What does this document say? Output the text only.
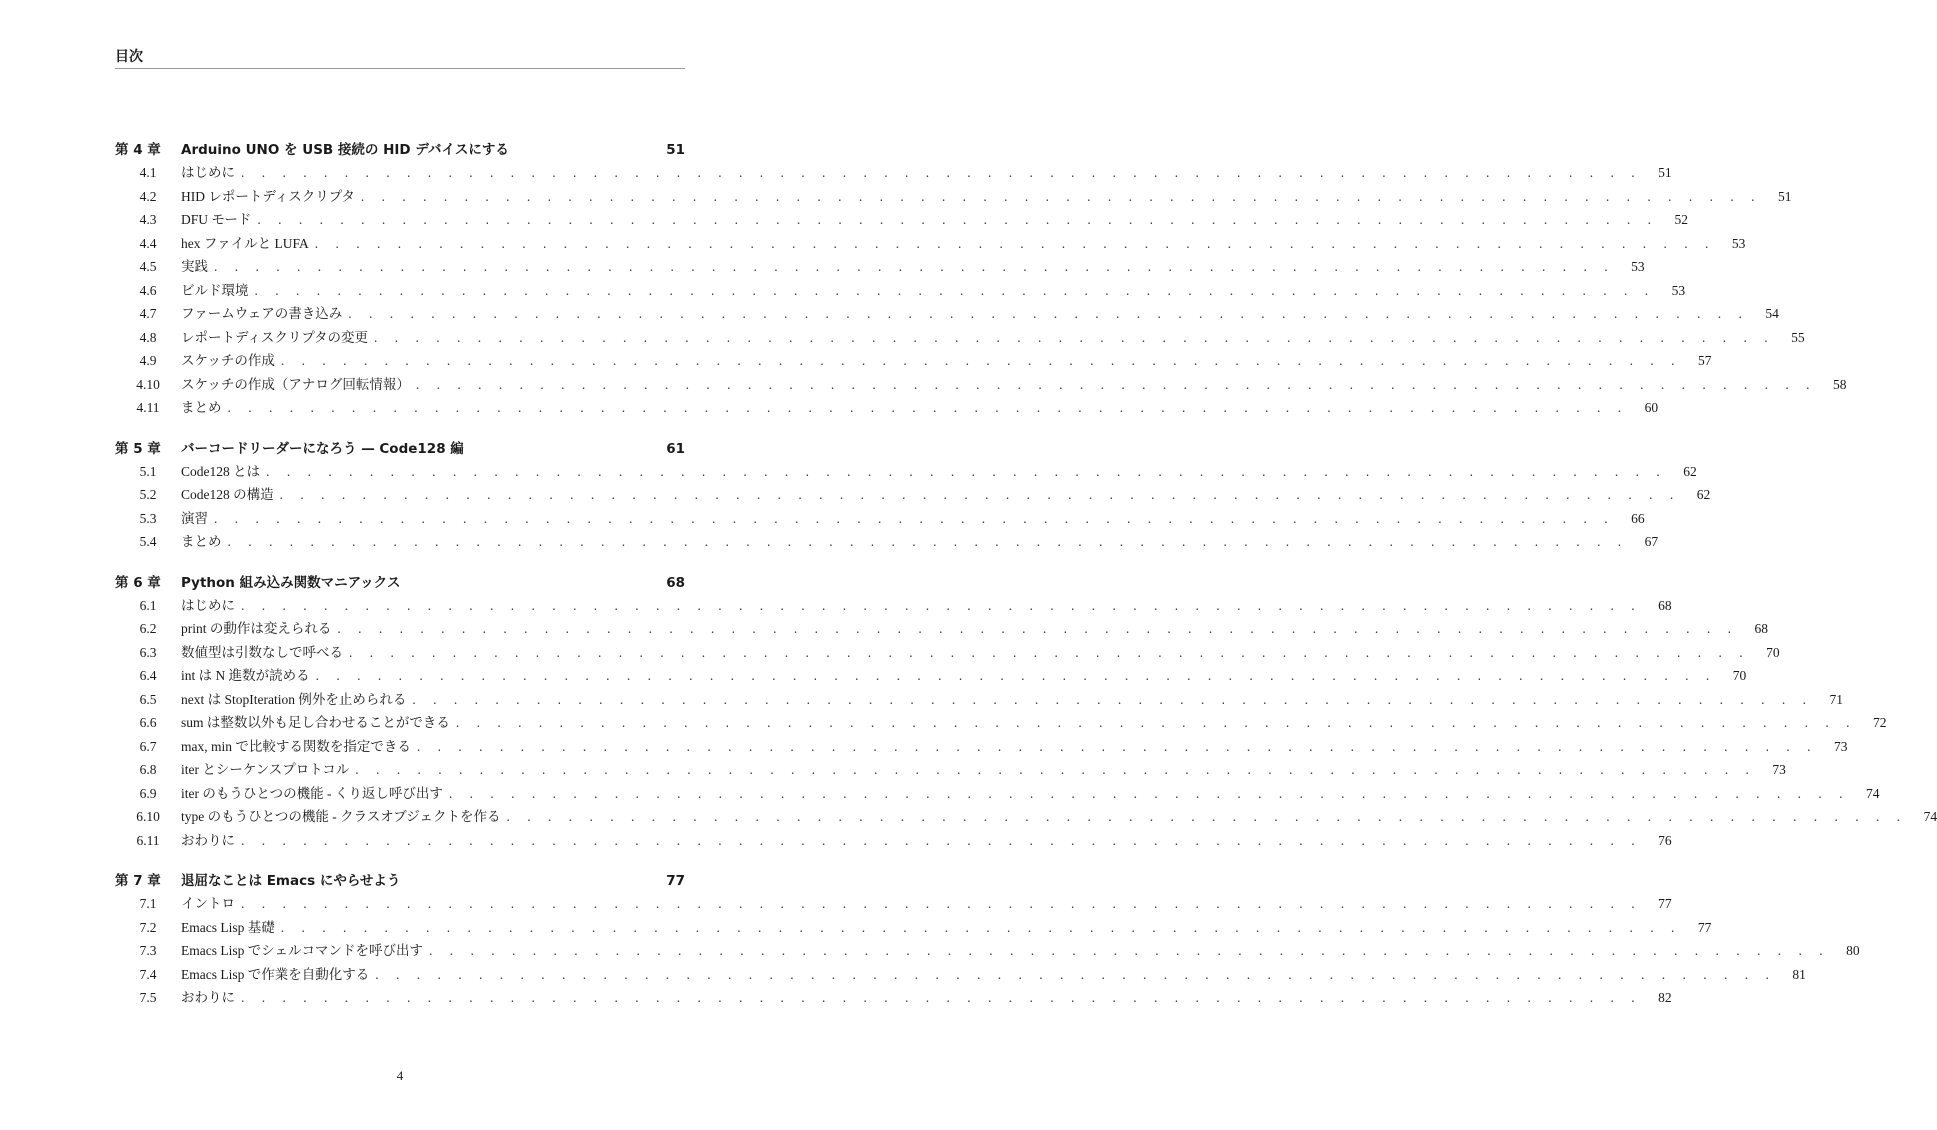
目次
第 4 章	Arduino UNO を USB 接続の HID デバイスにする	51
4.1	はじめに . . . . . . . . . . . . . . . . . . . . . . . . . . . . . . . . . . . . . . . . . . . . . . . . . . . . . . . . . . . . . . . . . . . .	51
4.2	HID レポートディスクリプタ . . . . . . . . . . . . . . . . . . . . . . . . . . . . . . . . . . . . . . . . . . . . . . . . . . . . . . . . . . . . . . . . . . . .	51
4.3	DFU モード . . . . . . . . . . . . . . . . . . . . . . . . . . . . . . . . . . . . . . . . . . . . . . . . . . . . . . . . . . . . . . . . . . . .	52
4.4	hex ファイルと LUFA . . . . . . . . . . . . . . . . . . . . . . . . . . . . . . . . . . . . . . . . . . . . . . . . . . . . . . . . . . . . . . . . . . . .	53
4.5	実践 . . . . . . . . . . . . . . . . . . . . . . . . . . . . . . . . . . . . . . . . . . . . . . . . . . . . . . . . . . . . . . . . . . . .	53
4.6	ビルド環境 . . . . . . . . . . . . . . . . . . . . . . . . . . . . . . . . . . . . . . . . . . . . . . . . . . . . . . . . . . . . . . . . . . . .	53
4.7	ファームウェアの書き込み . . . . . . . . . . . . . . . . . . . . . . . . . . . . . . . . . . . . . . . . . . . . . . . . . . . . . . . . . . . . . . . . . . . .	54
4.8	レポートディスクリプタの変更 . . . . . . . . . . . . . . . . . . . . . . . . . . . . . . . . . . . . . . . . . . . . . . . . . . . . . . . . . . . . . . . . . . . .	55
4.9	スケッチの作成 . . . . . . . . . . . . . . . . . . . . . . . . . . . . . . . . . . . . . . . . . . . . . . . . . . . . . . . . . . . . . . . . . . . .	57
4.10	スケッチの作成（アナログ回転情報） . . . . . . . . . . . . . . . . . . . . . . . . . . . . . . . . . . . . . . . . . . . . . . . . . . . . . . . . . . . . . . . . . . . .	58
4.11	まとめ . . . . . . . . . . . . . . . . . . . . . . . . . . . . . . . . . . . . . . . . . . . . . . . . . . . . . . . . . . . . . . . . . . . .	60
第 5 章	バーコードリーダーになろう — Code128 編	61
5.1	Code128 とは . . . . . . . . . . . . . . . . . . . . . . . . . . . . . . . . . . . . . . . . . . . . . . . . . . . . . . . . . . . . . . . . . . . .	62
5.2	Code128 の構造 . . . . . . . . . . . . . . . . . . . . . . . . . . . . . . . . . . . . . . . . . . . . . . . . . . . . . . . . . . . . . . . . . . . .	62
5.3	演習 . . . . . . . . . . . . . . . . . . . . . . . . . . . . . . . . . . . . . . . . . . . . . . . . . . . . . . . . . . . . . . . . . . . .	66
5.4	まとめ . . . . . . . . . . . . . . . . . . . . . . . . . . . . . . . . . . . . . . . . . . . . . . . . . . . . . . . . . . . . . . . . . . . .	67
第 6 章	Python 組み込み関数マニアックス	68
6.1	はじめに . . . . . . . . . . . . . . . . . . . . . . . . . . . . . . . . . . . . . . . . . . . . . . . . . . . . . . . . . . . . . . . . . . . .	68
6.2	print の動作は変えられる . . . . . . . . . . . . . . . . . . . . . . . . . . . . . . . . . . . . . . . . . . . . . . . . . . . . . . . . . . . . . . . . . . . .	68
6.3	数値型は引数なしで呼べる . . . . . . . . . . . . . . . . . . . . . . . . . . . . . . . . . . . . . . . . . . . . . . . . . . . . . . . . . . . . . . . . . . . .	70
6.4	int は N 進数が読める . . . . . . . . . . . . . . . . . . . . . . . . . . . . . . . . . . . . . . . . . . . . . . . . . . . . . . . . . . . . . . . . . . . .	70
6.5	next は StopIteration 例外を止められる . . . . . . . . . . . . . . . . . . . . . . . . . . . . . . . . . . . . . . . . . . . . . . . . . . . . . . . . . . . . . . . . . . . .	71
6.6	sum は整数以外も足し合わせることができる . . . . . . . . . . . . . . . . . . . . . . . . . . . . . . . . . . . . . . . . . . . . . . . . . . . . . . . . . . . . . . . . . . . .	72
6.7	max, min で比較する関数を指定できる . . . . . . . . . . . . . . . . . . . . . . . . . . . . . . . . . . . . . . . . . . . . . . . . . . . . . . . . . . . . . . . . . . . .	73
6.8	iter とシーケンスプロトコル . . . . . . . . . . . . . . . . . . . . . . . . . . . . . . . . . . . . . . . . . . . . . . . . . . . . . . . . . . . . . . . . . . . .	73
6.9	iter のもうひとつの機能 - くり返し呼び出す . . . . . . . . . . . . . . . . . . . . . . . . . . . . . . . . . . . . . . . . . . . . . . . . . . . . . . . . . . . . . . . . . . . .	74
6.10	type のもうひとつの機能 - クラスオブジェクトを作る . . . . . . . . . . . . . . . . . . . . . . . . . . . . . . . . . . . . . . . . . . . . . . . . . . . . . . . . . . . . . . . . . . . .	74
6.11	おわりに . . . . . . . . . . . . . . . . . . . . . . . . . . . . . . . . . . . . . . . . . . . . . . . . . . . . . . . . . . . . . . . . . . . .	76
第 7 章	退屈なことは Emacs にやらせよう	77
7.1	イントロ . . . . . . . . . . . . . . . . . . . . . . . . . . . . . . . . . . . . . . . . . . . . . . . . . . . . . . . . . . . . . . . . . . . .	77
7.2	Emacs Lisp 基礎 . . . . . . . . . . . . . . . . . . . . . . . . . . . . . . . . . . . . . . . . . . . . . . . . . . . . . . . . . . . . . . . . . . . .	77
7.3	Emacs Lisp でシェルコマンドを呼び出す . . . . . . . . . . . . . . . . . . . . . . . . . . . . . . . . . . . . . . . . . . . . . . . . . . . . . . . . . . . . . . . . . . . .	80
7.4	Emacs Lisp で作業を自動化する . . . . . . . . . . . . . . . . . . . . . . . . . . . . . . . . . . . . . . . . . . . . . . . . . . . . . . . . . . . . . . . . . . . .	81
7.5	おわりに . . . . . . . . . . . . . . . . . . . . . . . . . . . . . . . . . . . . . . . . . . . . . . . . . . . . . . . . . . . . . . . . . . . .	82
4
